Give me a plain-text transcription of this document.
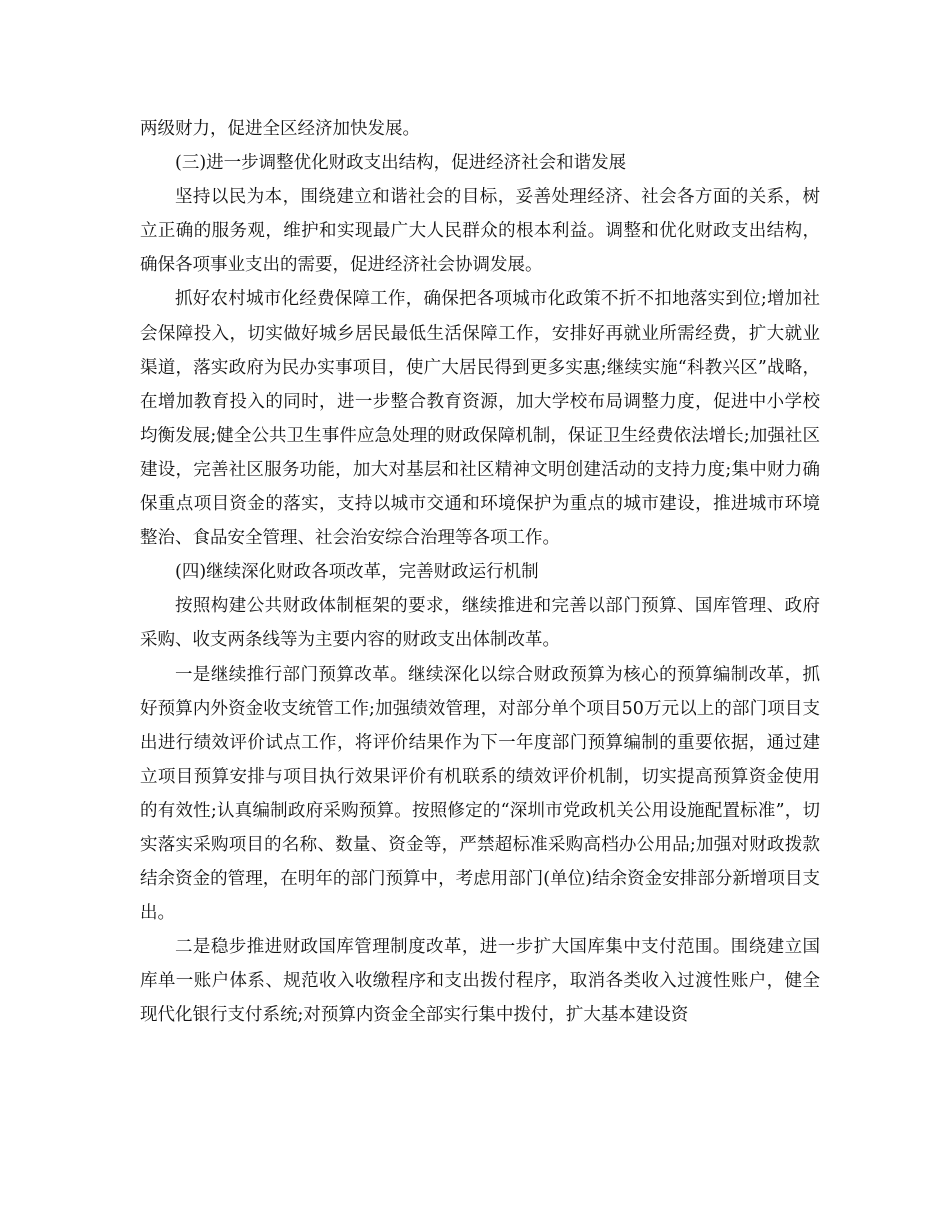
两级财力，促进全区经济加快发展。

(三)进一步调整优化财政支出结构，促进经济社会和谐发展

坚持以民为本，围绕建立和谐社会的目标，妥善处理经济、社会各方面的关系，树立正确的服务观，维护和实现最广大人民群众的根本利益。调整和优化财政支出结构，确保各项事业支出的需要，促进经济社会协调发展。

抓好农村城市化经费保障工作，确保把各项城市化政策不折不扣地落实到位;增加社会保障投入，切实做好城乡居民最低生活保障工作，安排好再就业所需经费，扩大就业渠道，落实政府为民办实事项目，使广大居民得到更多实惠;继续实施“科教兴区”战略，在增加教育投入的同时，进一步整合教育资源，加大学校布局调整力度，促进中小学校均衡发展;健全公共卫生事件应急处理的财政保障机制，保证卫生经费依法增长;加强社区建设，完善社区服务功能，加大对基层和社区精神文明创建活动的支持力度;集中财力确保重点项目资金的落实，支持以城市交通和环境保护为重点的城市建设，推进城市环境整治、食品安全管理、社会治安综合治理等各项工作。

(四)继续深化财政各项改革，完善财政运行机制

按照构建公共财政体制框架的要求，继续推进和完善以部门预算、国库管理、政府采购、收支两条线等为主要内容的财政支出体制改革。

一是继续推行部门预算改革。继续深化以综合财政预算为核心的预算编制改革，抓好预算内外资金收支统管工作;加强绩效管理，对部分单个项目50万元以上的部门项目支出进行绩效评价试点工作，将评价结果作为下一年度部门预算编制的重要依据，通过建立项目预算安排与项目执行效果评价有机联系的绩效评价机制，切实提高预算资金使用的有效性;认真编制政府采购预算。按照修定的“深圳市党政机关公用设施配置标准”，切实落实采购项目的名称、数量、资金等，严禁超标准采购高档办公用品;加强对财政拨款结余资金的管理，在明年的部门预算中，考虑用部门(单位)结余资金安排部分新增项目支出。

二是稳步推进财政国库管理制度改革，进一步扩大国库集中支付范围。围绕建立国库单一账户体系、规范收入收缴程序和支出拨付程序，取消各类收入过渡性账户，健全现代化银行支付系统;对预算内资金全部实行集中拨付，扩大基本建设资
